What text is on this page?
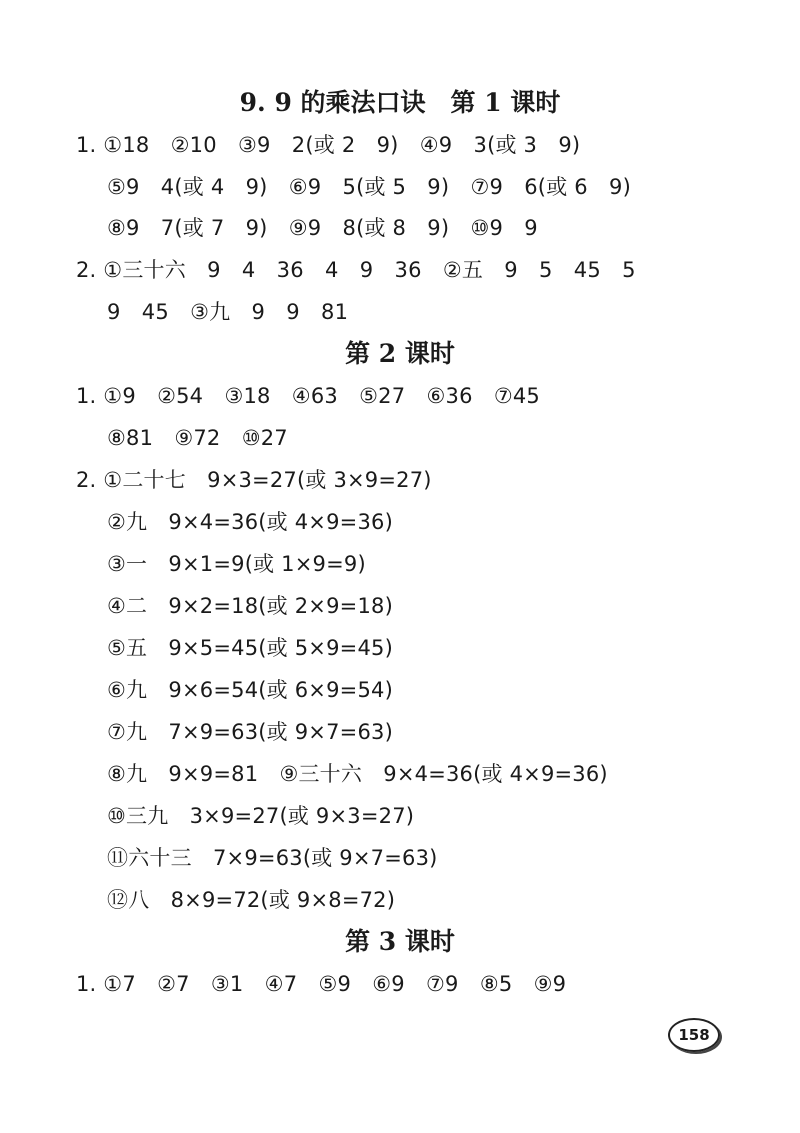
9. 9 的乘法口诀　第 1 课时
1. ①18　②10　③9　2(或 2　9)　④9　3(或 3　9)
⑤9　4(或 4　9)　⑥9　5(或 5　9)　⑦9　6(或 6　9)
⑧9　7(或 7　9)　⑨9　8(或 8　9)　⑩9　9
2. ①三十六　9　4　36　4　9　36　②五　9　5　45　5
9　45　③九　9　9　81
第 2 课时
1. ①9　②54　③18　④63　⑤27　⑥36　⑦45
⑧81　⑨72　⑩27
2. ①二十七　9×3=27(或 3×9=27)
②九　9×4=36(或 4×9=36)
③一　9×1=9(或 1×9=9)
④二　9×2=18(或 2×9=18)
⑤五　9×5=45(或 5×9=45)
⑥九　9×6=54(或 6×9=54)
⑦九　7×9=63(或 9×7=63)
⑧九　9×9=81　⑨三十六　9×4=36(或 4×9=36)
⑩三九　3×9=27(或 9×3=27)
⑪六十三　7×9=63(或 9×7=63)
⑫八　8×9=72(或 9×8=72)
第 3 课时
1. ①7　②7　③1　④7　⑤9　⑥9　⑦9　⑧5　⑨9
158
